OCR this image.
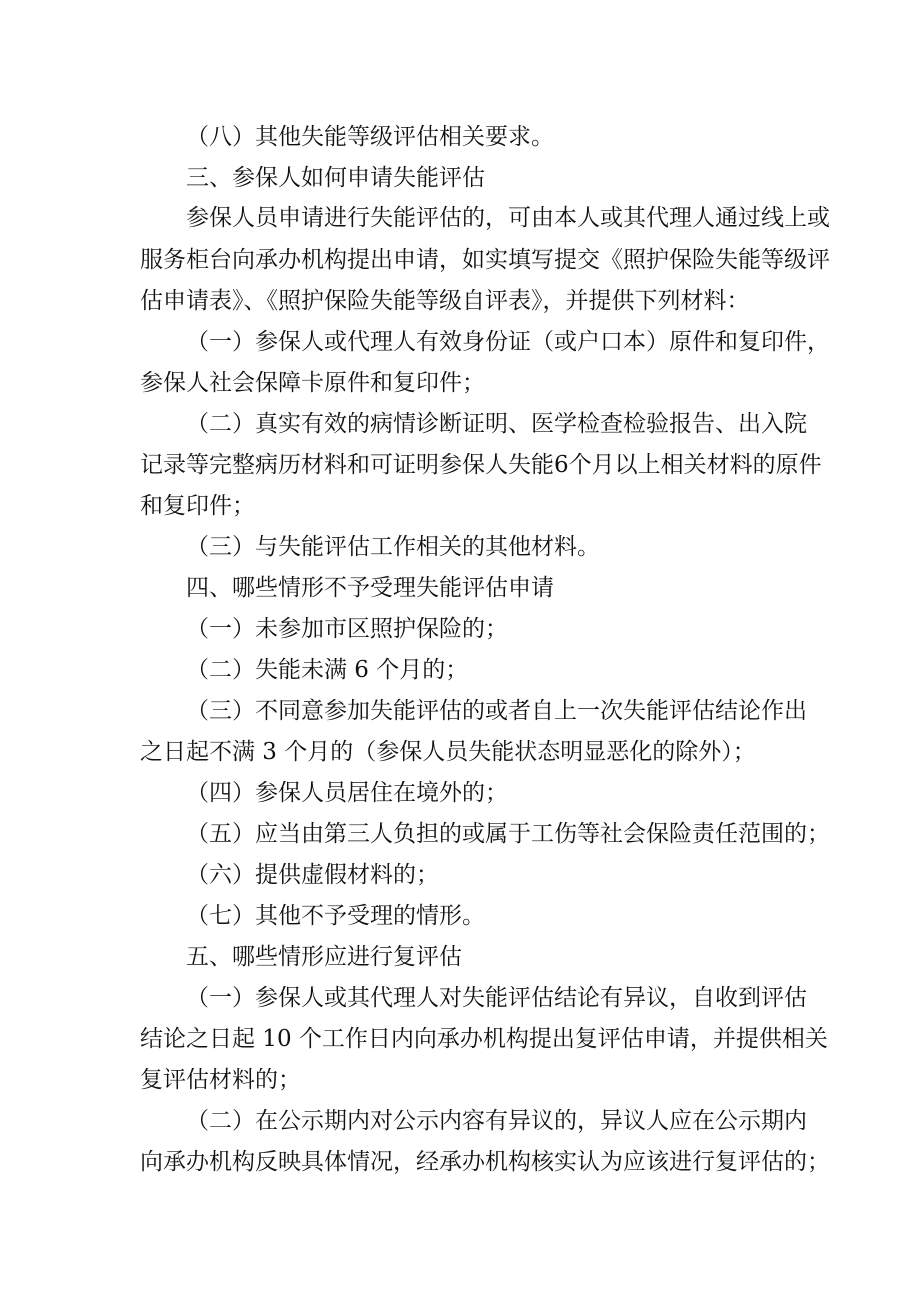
（八）其他失能等级评估相关要求。

三、参保人如何申请失能评估

参保人员申请进行失能评估的，可由本人或其代理人通过线上或

服务柜台向承办机构提出申请，如实填写提交《照护保险失能等级评

估申请表》、《照护保险失能等级自评表》，并提供下列材料：

（一）参保人或代理人有效身份证（或户口本）原件和复印件，

参保人社会保障卡原件和复印件；

（二）真实有效的病情诊断证明、医学检查检验报告、出入院

记录等完整病历材料和可证明参保人失能6个月以上相关材料的原件

和复印件；

（三）与失能评估工作相关的其他材料。

四、哪些情形不予受理失能评估申请

（一）未参加市区照护保险的；

（二）失能未满 6 个月的；

（三）不同意参加失能评估的或者自上一次失能评估结论作出

之日起不满 3 个月的（参保人员失能状态明显恶化的除外）；

（四）参保人员居住在境外的；

（五）应当由第三人负担的或属于工伤等社会保险责任范围的；

（六）提供虚假材料的；

（七）其他不予受理的情形。

五、哪些情形应进行复评估

（一）参保人或其代理人对失能评估结论有异议，自收到评估

结论之日起 10 个工作日内向承办机构提出复评估申请，并提供相关

复评估材料的；

（二）在公示期内对公示内容有异议的，异议人应在公示期内

向承办机构反映具体情况，经承办机构核实认为应该进行复评估的；
